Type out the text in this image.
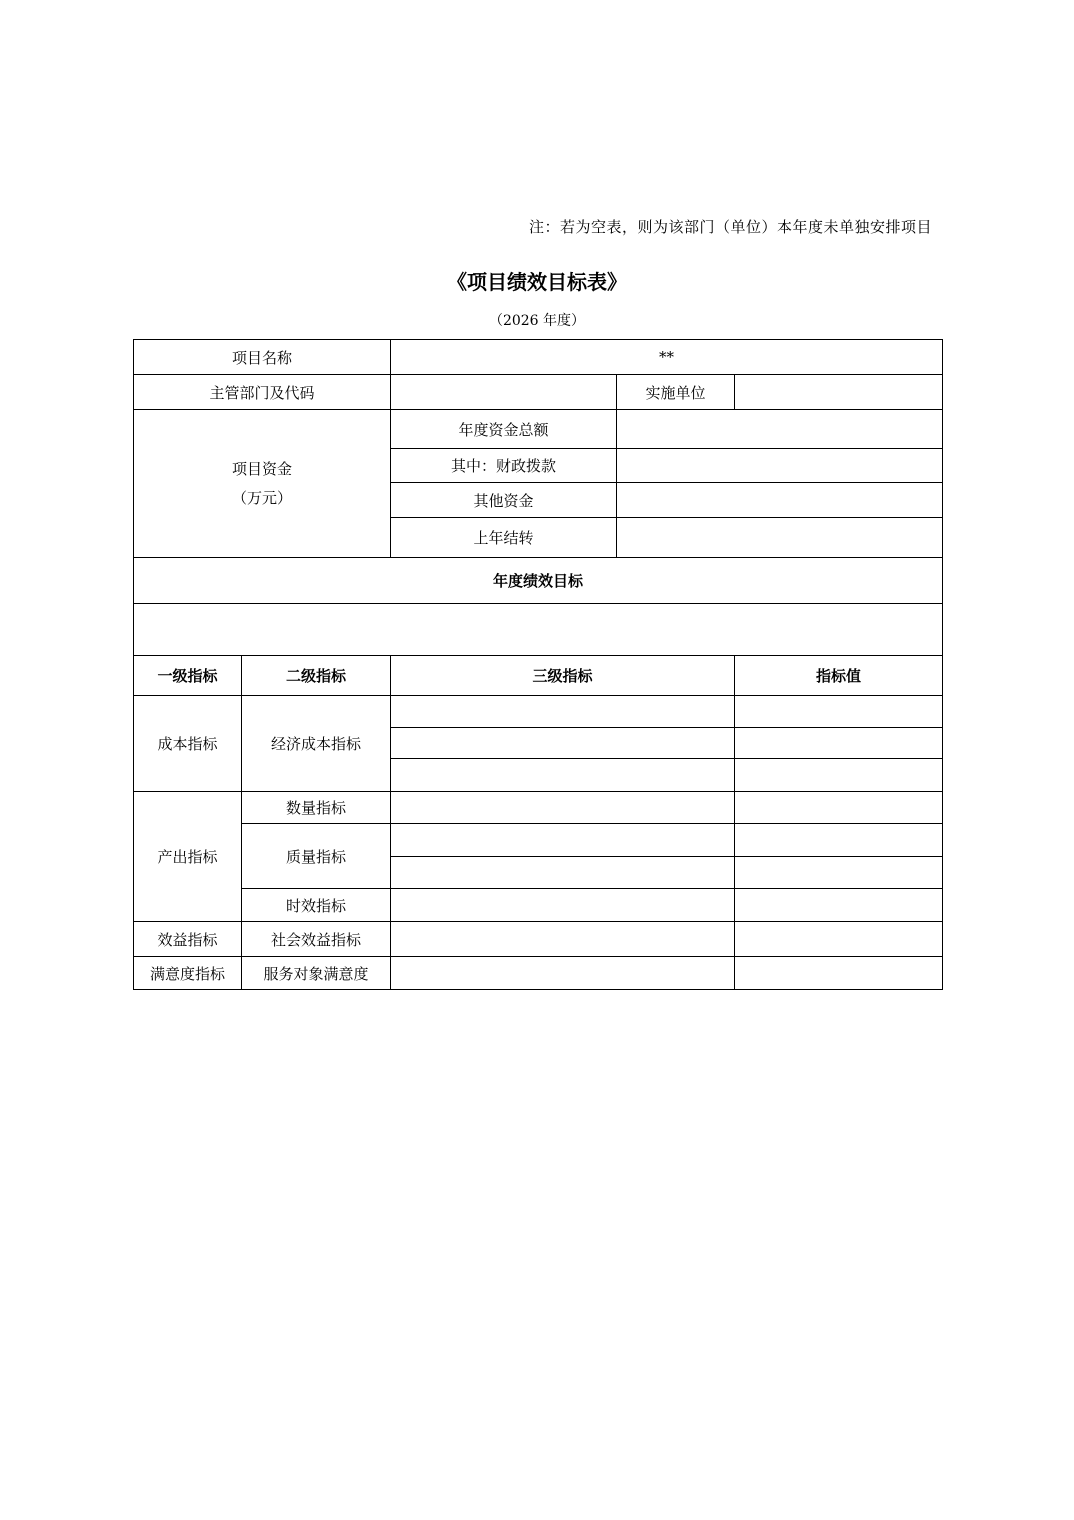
注：若为空表，则为该部门（单位）本年度未单独安排项目
《项目绩效目标表》
（2026 年度）
项目名称		**		
主管部门及代码			实施单位	

项目资金
（万元）		年度资金总额		
		其中：财政拨款		
		其他资金		
		上年结转		
年度绩效目标				

一级指标	二级指标	三级指标		指标值
成本指标	经济成本指标			

产出指标	数量指标			
	质量指标			

	时效指标			
效益指标	社会效益指标			
满意度指标	服务对象满意度			
